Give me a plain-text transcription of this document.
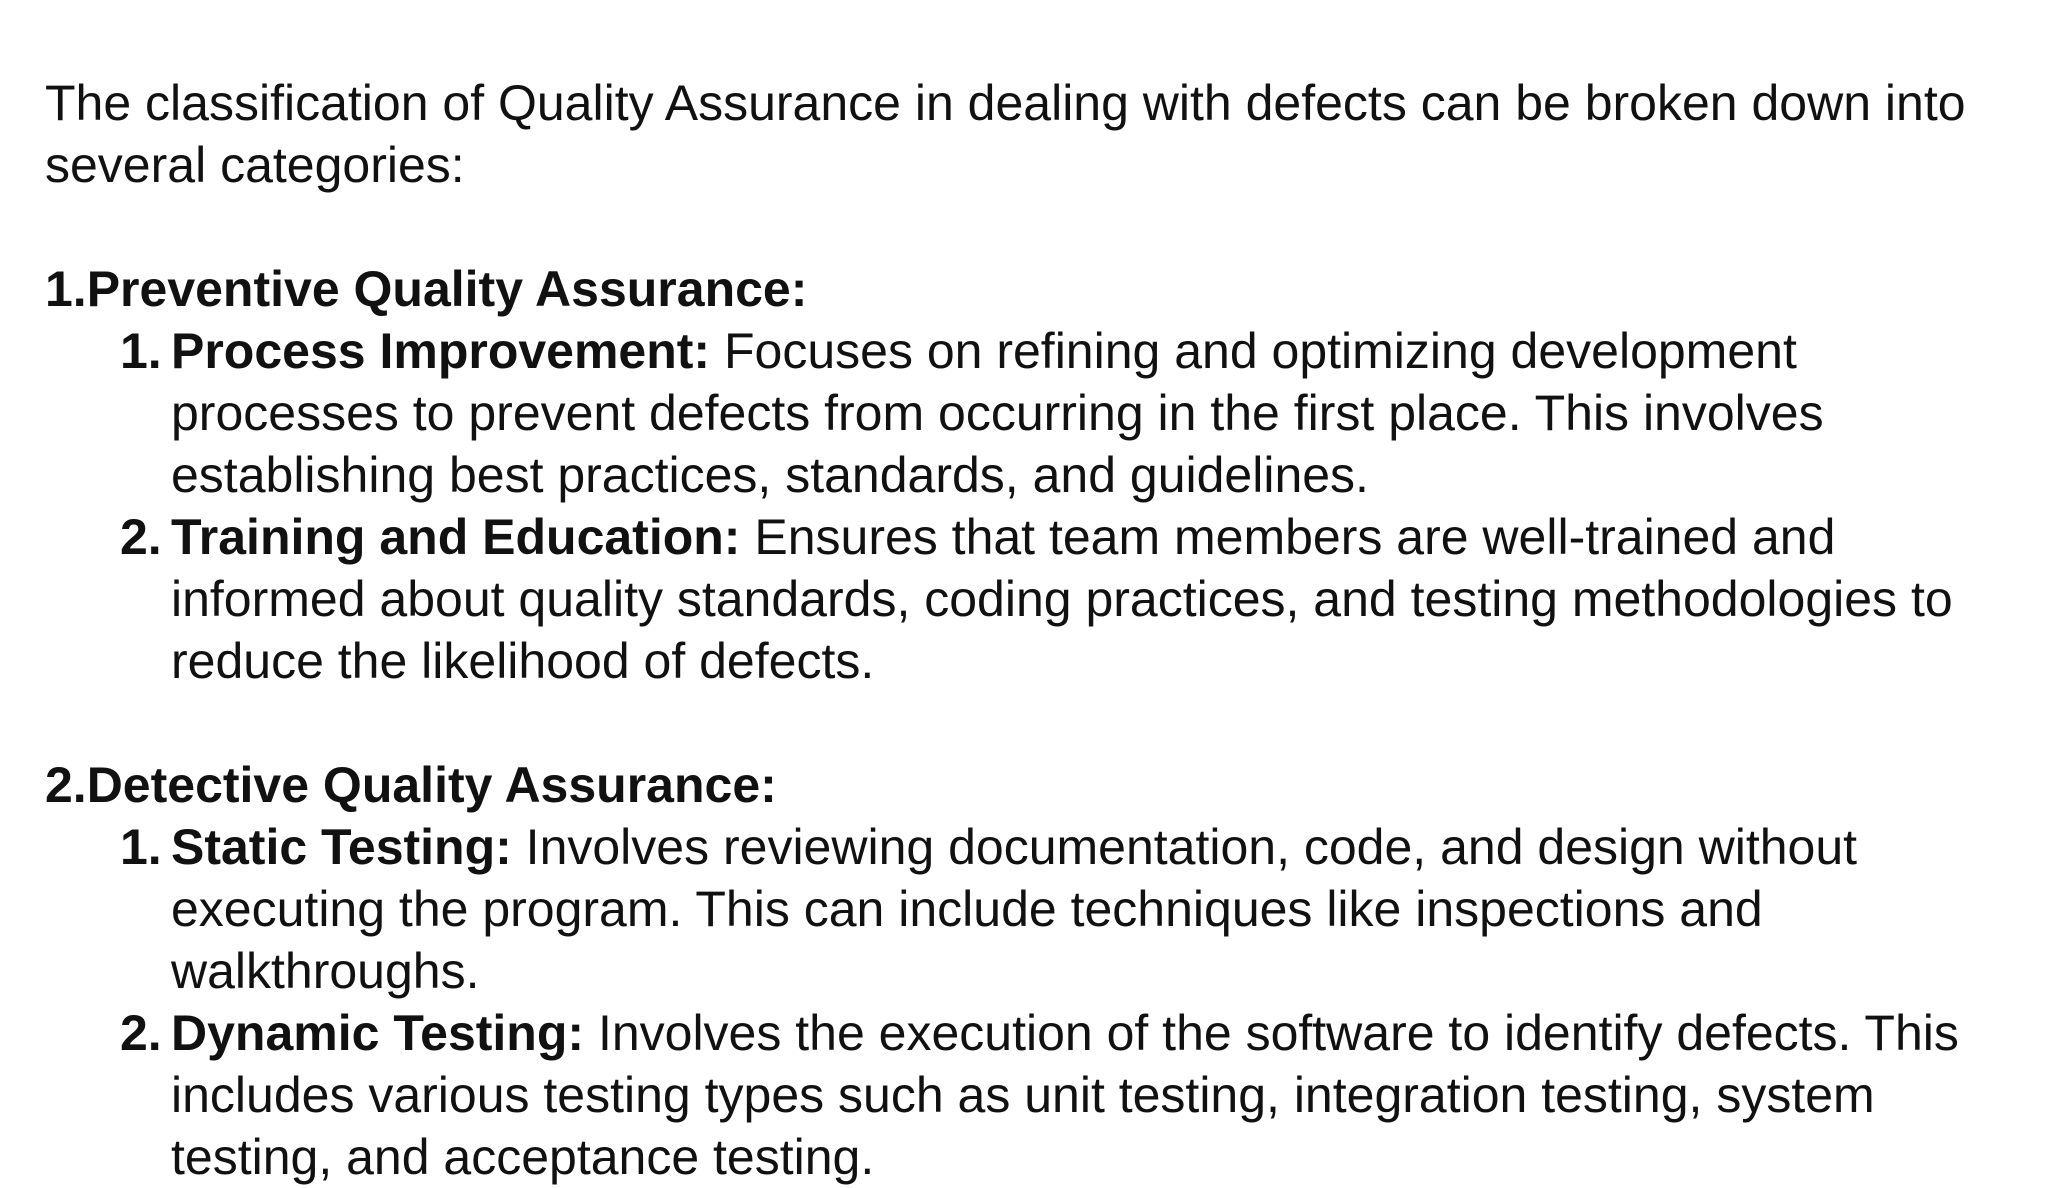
The classification of Quality Assurance in dealing with defects can be broken down into several categories:

1.Preventive Quality Assurance:

1. Process Improvement: Focuses on refining and optimizing development processes to prevent defects from occurring in the first place. This involves establishing best practices, standards, and guidelines.
2. Training and Education: Ensures that team members are well-trained and informed about quality standards, coding practices, and testing methodologies to reduce the likelihood of defects.

2.Detective Quality Assurance:

1. Static Testing: Involves reviewing documentation, code, and design without executing the program. This can include techniques like inspections and walkthroughs.
2. Dynamic Testing: Involves the execution of the software to identify defects. This includes various testing types such as unit testing, integration testing, system testing, and acceptance testing.
